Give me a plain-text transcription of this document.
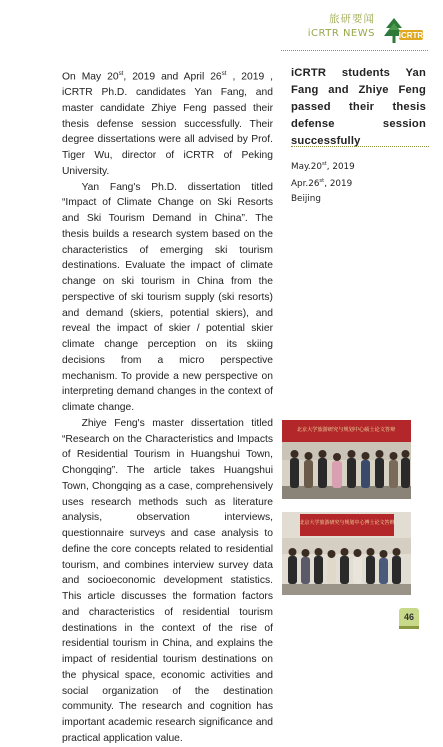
旅研要闻
iCRTR NEWS	iCRTR

On May 20st, 2019 and April 26st , 2019 , iCRTR Ph.D. candidates Yan Fang, and master candidate Zhiye Feng passed their thesis defense session successfully. Their degree dissertations were all advised by Prof. Tiger Wu, director of iCRTR of Peking University.

Yan Fang's Ph.D. dissertation titled “Impact of Climate Change on Ski Resorts and Ski Tourism Demand in China”. The thesis builds a research system based on the characteristics of emerging ski tourism destinations. Evaluate the impact of climate change on ski tourism in China from the perspective of ski tourism supply (ski resorts) and demand (skiers, potential skiers), and reveal the impact of skier / potential skier climate change perception on its skiing decisions from a micro perspective mechanism. To provide a new perspective on interpreting demand changes in the context of climate change.

Zhiye Feng's master dissertation titled “Research on the Characteristics and Impacts of Residential Tourism in Huangshui Town, Chongqing”. The article takes Huangshui Town, Chongqing as a case, comprehensively uses research methods such as literature analysis, observation interviews, questionnaire surveys and case analysis to define the core concepts related to residential tourism, and combines interview survey data and socioeconomic development statistics. This article discusses the formation factors and characteristics of residential tourism destinations in the context of the rise of residential tourism in China, and explains the impact of residential tourism destinations on the physical space, economic activities and social organization of the destination community. The research and cognition has important academic research significance and practical application value.

iCRTR students Yan Fang and Zhiye Feng passed their thesis defense session successfully
May.20st, 2019
Apr.26st, 2019
Beijing
北京大学旅游研究与规划中心硕士论文答辩
北京大学旅游研究与规划中心博士论文答辩
46
